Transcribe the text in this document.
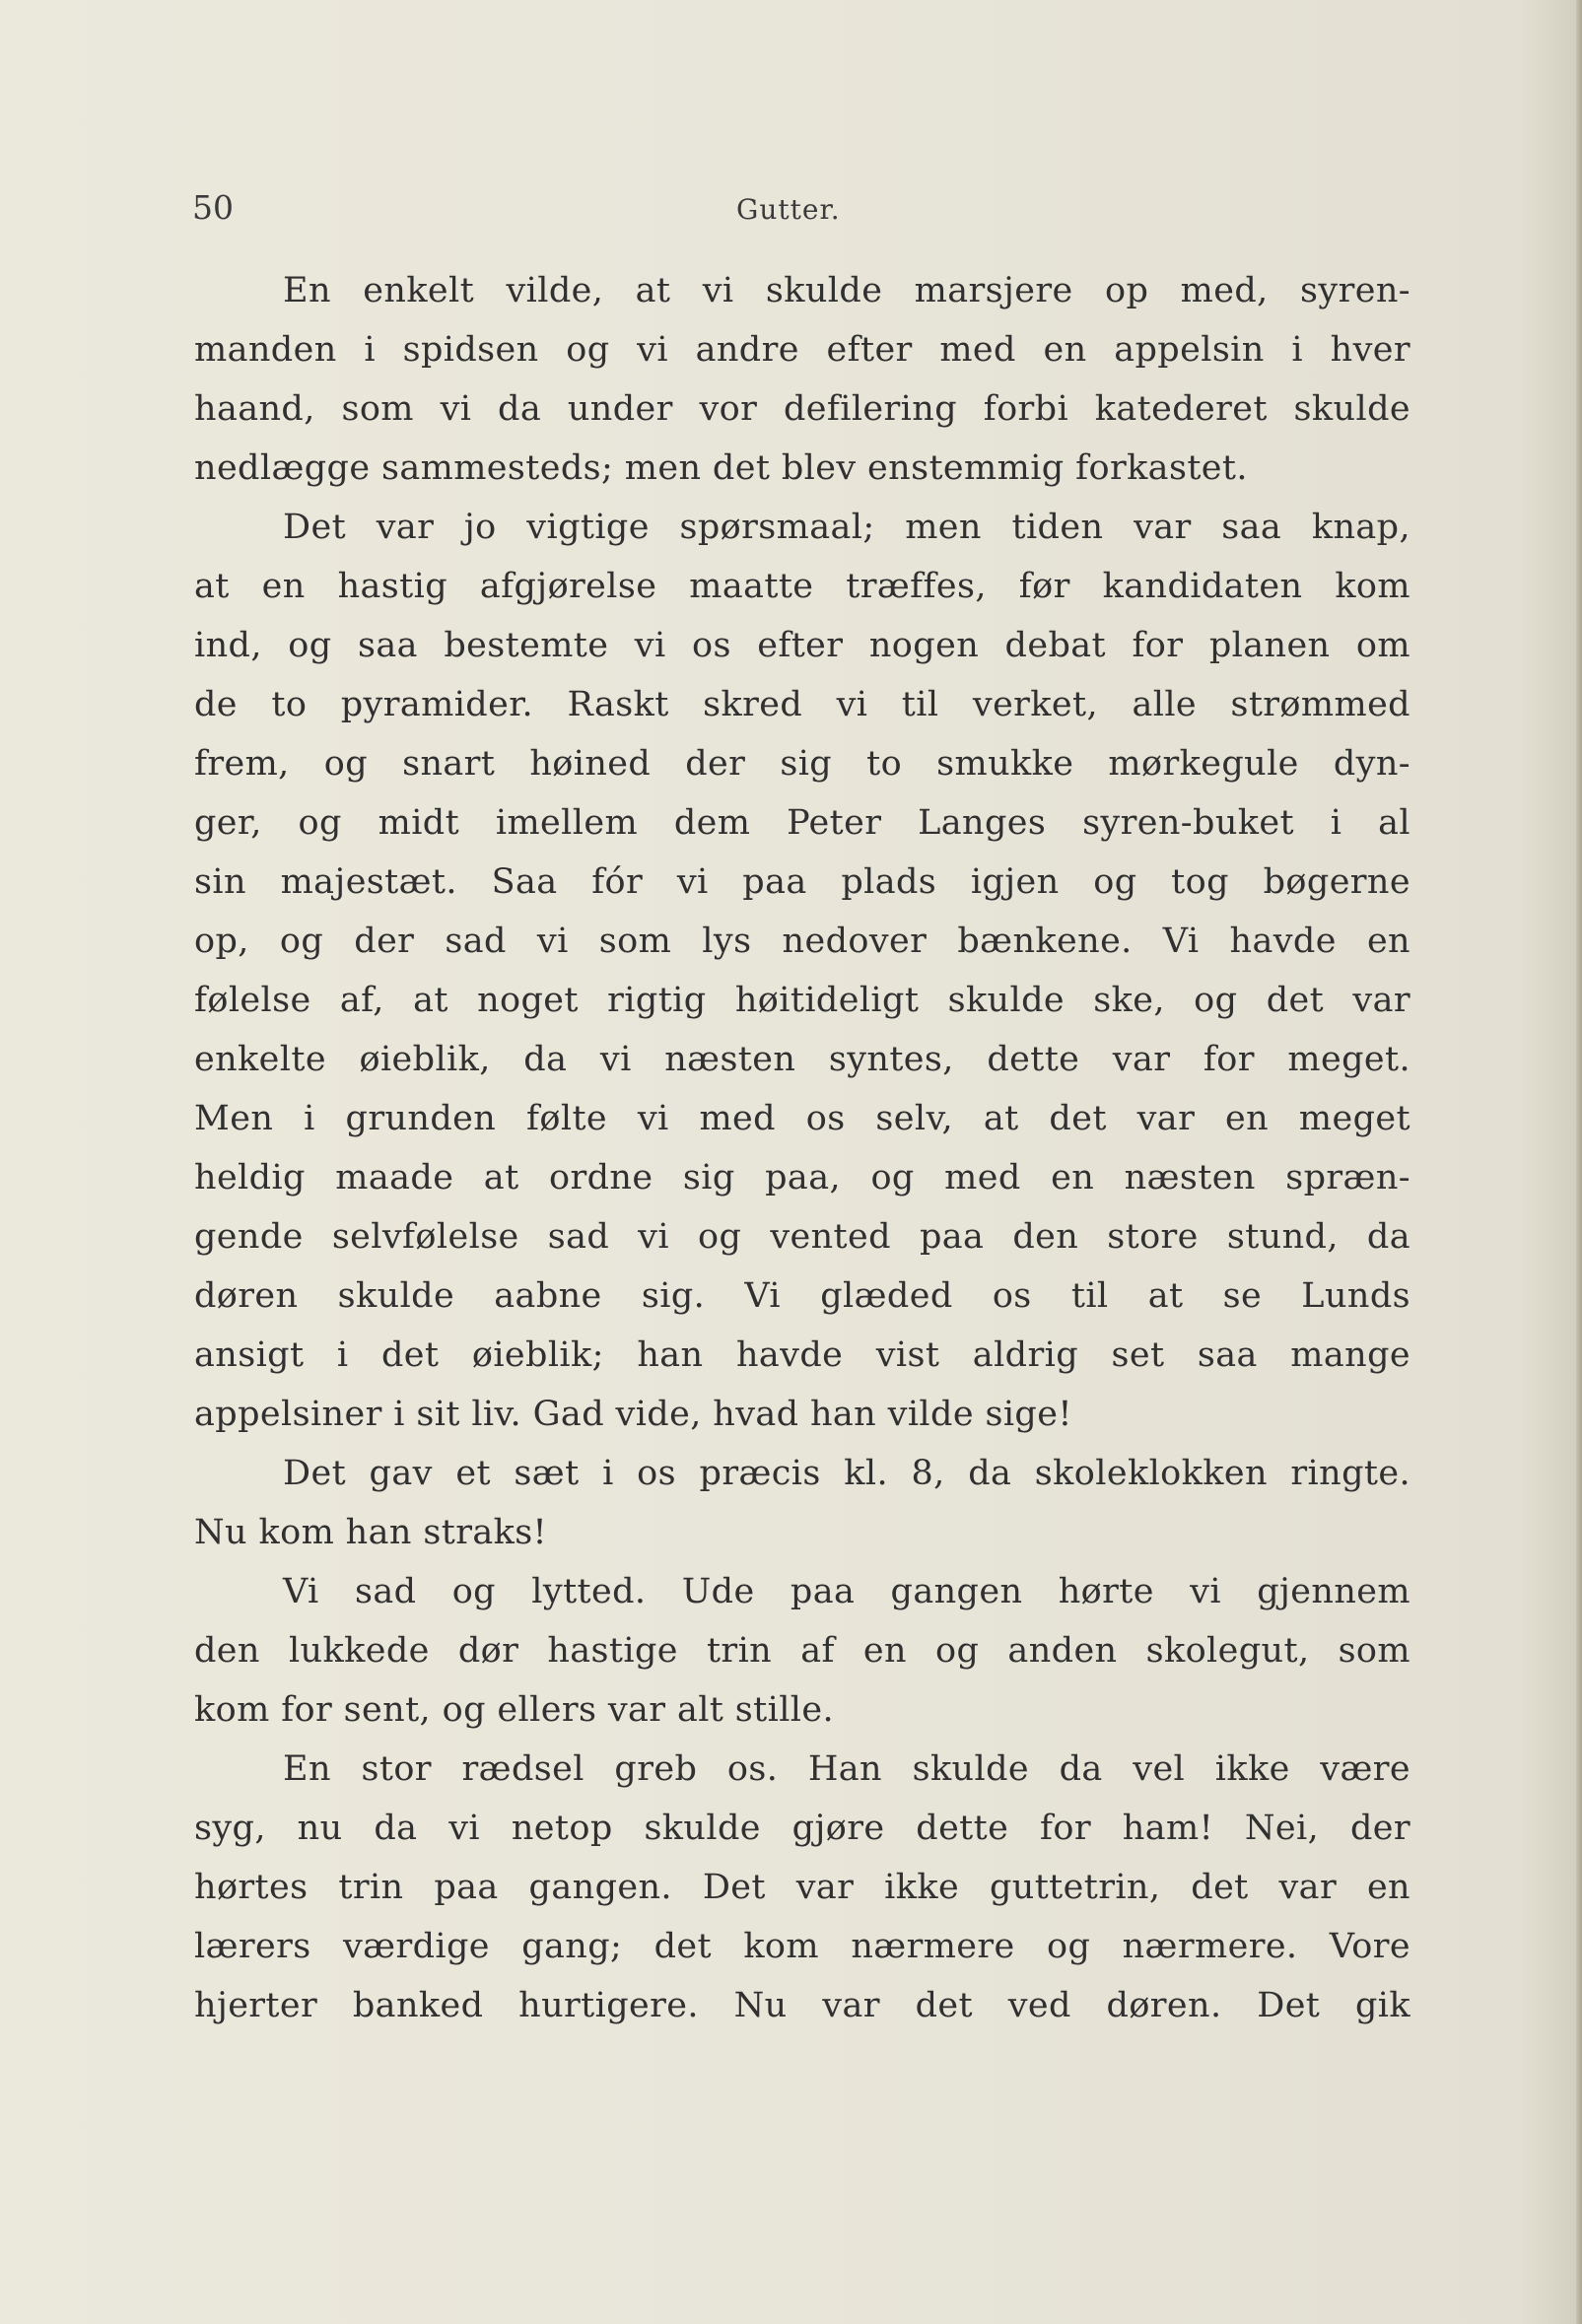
50	Gutter.
En enkelt vilde, at vi skulde marsjere op med, syren-
manden i spidsen og vi andre efter med en appelsin i hver
haand, som vi da under vor defilering forbi katederet skulde
nedlægge sammesteds; men det blev enstemmig forkastet.
Det var jo vigtige spørsmaal; men tiden var saa knap,
at en hastig afgjørelse maatte træffes, før kandidaten kom
ind, og saa bestemte vi os efter nogen debat for planen om
de to pyramider. Raskt skred vi til verket, alle strømmed
frem, og snart høined der sig to smukke mørkegule dyn-
ger, og midt imellem dem Peter Langes syren-buket i al
sin majestæt. Saa fór vi paa plads igjen og tog bøgerne
op, og der sad vi som lys nedover bænkene. Vi havde en
følelse af, at noget rigtig høitideligt skulde ske, og det var
enkelte øieblik, da vi næsten syntes, dette var for meget.
Men i grunden følte vi med os selv, at det var en meget
heldig maade at ordne sig paa, og med en næsten spræn-
gende selvfølelse sad vi og vented paa den store stund, da
døren skulde aabne sig. Vi glæded os til at se Lunds
ansigt i det øieblik; han havde vist aldrig set saa mange
appelsiner i sit liv. Gad vide, hvad han vilde sige!
Det gav et sæt i os præcis kl. 8, da skoleklokken ringte.
Nu kom han straks!
Vi sad og lytted. Ude paa gangen hørte vi gjennem
den lukkede dør hastige trin af en og anden skolegut, som
kom for sent, og ellers var alt stille.
En stor rædsel greb os. Han skulde da vel ikke være
syg, nu da vi netop skulde gjøre dette for ham! Nei, der
hørtes trin paa gangen. Det var ikke guttetrin, det var en
lærers værdige gang; det kom nærmere og nærmere. Vore
hjerter banked hurtigere. Nu var det ved døren. Det gik
